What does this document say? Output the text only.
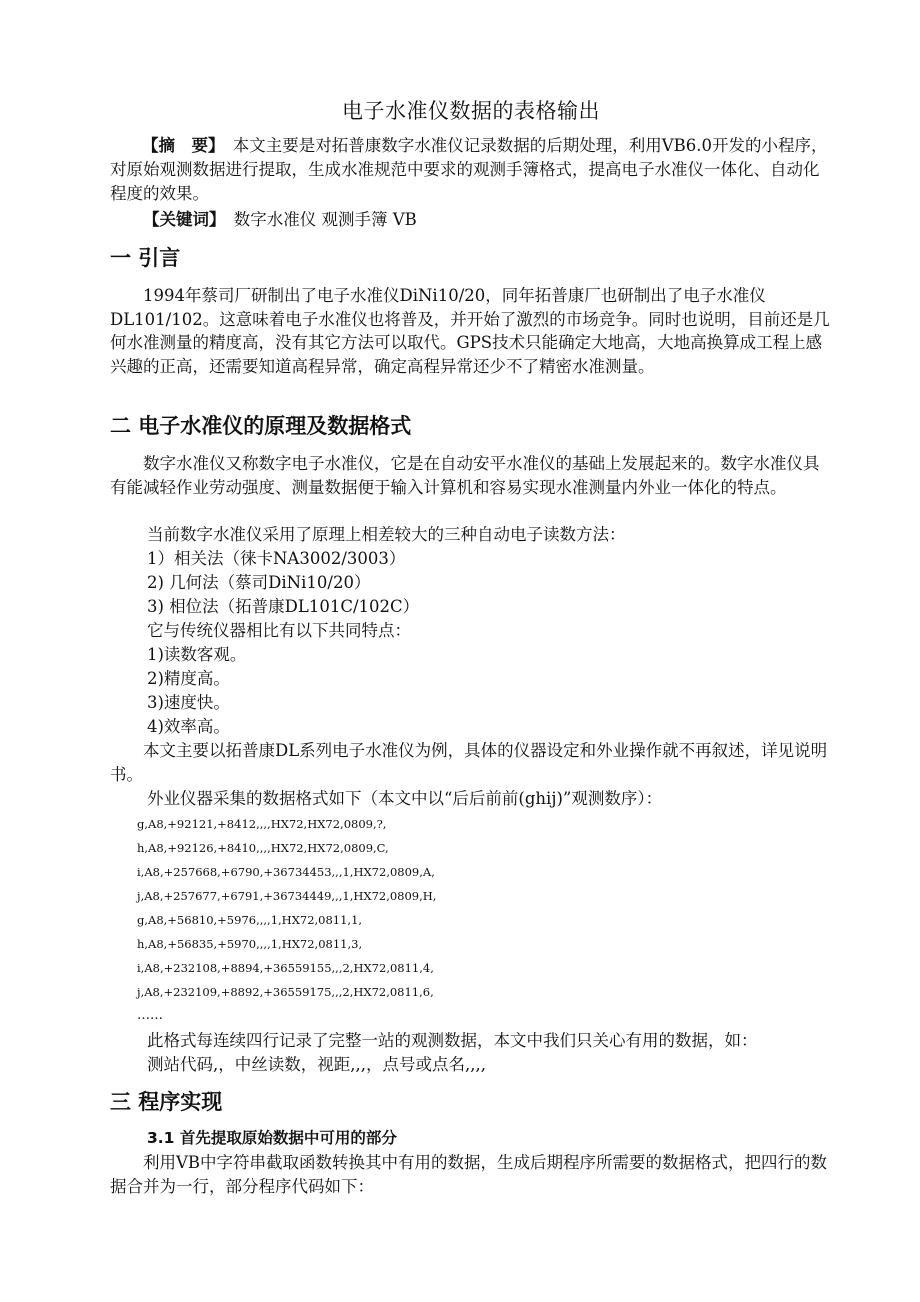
电子水准仪数据的表格输出
【摘　要】　本文主要是对拓普康数字水准仪记录数据的后期处理，利用VB6.0开发的小程序，对原始观测数据进行提取，生成水准规范中要求的观测手簿格式，提高电子水准仪一体化、自动化程度的效果。
【关键词】　数字水准仪 观测手簿 VB
一 引言
1994年蔡司厂研制出了电子水准仪DiNi10/20，同年拓普康厂也研制出了电子水准仪DL101/102。这意味着电子水准仪也将普及，并开始了激烈的市场竞争。同时也说明，目前还是几何水准测量的精度高，没有其它方法可以取代。GPS技术只能确定大地高，大地高换算成工程上感兴趣的正高，还需要知道高程异常，确定高程异常还少不了精密水准测量。
二 电子水准仪的原理及数据格式
数字水准仪又称数字电子水准仪，它是在自动安平水准仪的基础上发展起来的。数字水准仪具有能减轻作业劳动强度、测量数据便于输入计算机和容易实现水准测量内外业一体化的特点。
当前数字水准仪采用了原理上相差较大的三种自动电子读数方法：
1）相关法（徕卡NA3002/3003）
2) 几何法（蔡司DiNi10/20）
3) 相位法（拓普康DL101C/102C）
它与传统仪器相比有以下共同特点：
1)读数客观。
2)精度高。
3)速度快。
4)效率高。
本文主要以拓普康DL系列电子水准仪为例，具体的仪器设定和外业操作就不再叙述，详见说明书。
外业仪器采集的数据格式如下（本文中以“后后前前(ghij)”观测数序）：
g,A8,+92121,+8412,,,,HX72,HX72,0809,?,
h,A8,+92126,+8410,,,,HX72,HX72,0809,C,
i,A8,+257668,+6790,+36734453,,,1,HX72,0809,A,
j,A8,+257677,+6791,+36734449,,,1,HX72,0809,H,
g,A8,+56810,+5976,,,,1,HX72,0811,1,
h,A8,+56835,+5970,,,,1,HX72,0811,3,
i,A8,+232108,+8894,+36559155,,,2,HX72,0811,4,
j,A8,+232109,+8892,+36559175,,,2,HX72,0811,6,
……
此格式每连续四行记录了完整一站的观测数据，本文中我们只关心有用的数据，如：
测站代码,，中丝读数，视距,,,，点号或点名,,,,
三 程序实现
3.1 首先提取原始数据中可用的部分
利用VB中字符串截取函数转换其中有用的数据，生成后期程序所需要的数据格式，把四行的数据合并为一行，部分程序代码如下：
